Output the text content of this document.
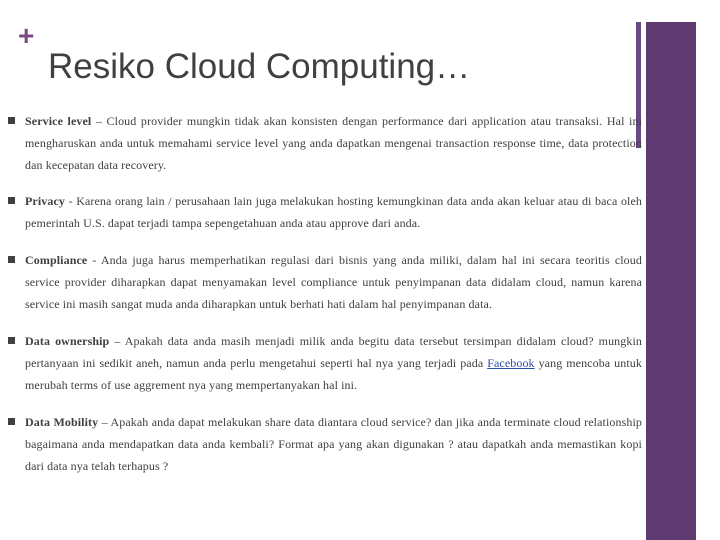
+
Resiko Cloud Computing…

Service level – Cloud provider mungkin tidak akan konsisten dengan performance dari application atau transaksi. Hal ini mengharuskan anda untuk memahami service level yang anda dapatkan mengenai transaction response time, data protection dan kecepatan data recovery.

Privacy - Karena orang lain / perusahaan lain juga melakukan hosting kemungkinan data anda akan keluar atau di baca oleh pemerintah U.S. dapat terjadi tampa sepengetahuan anda atau approve dari anda.

Compliance - Anda juga harus memperhatikan regulasi dari bisnis yang anda miliki, dalam hal ini secara teoritis cloud service provider diharapkan dapat menyamakan level compliance untuk penyimpanan data didalam cloud, namun karena service ini masih sangat muda anda diharapkan untuk berhati hati dalam hal penyimpanan data.

Data ownership – Apakah data anda masih menjadi milik anda begitu data tersebut tersimpan didalam cloud? mungkin pertanyaan ini sedikit aneh, namun anda perlu mengetahui seperti hal nya yang terjadi pada Facebook yang mencoba untuk merubah terms of use aggrement nya yang mempertanyakan hal ini.

Data Mobility – Apakah anda dapat melakukan share data diantara cloud service? dan jika anda terminate cloud relationship bagaimana anda mendapatkan data anda kembali? Format apa yang akan digunakan ? atau dapatkah anda memastikan kopi dari data nya telah terhapus ?
